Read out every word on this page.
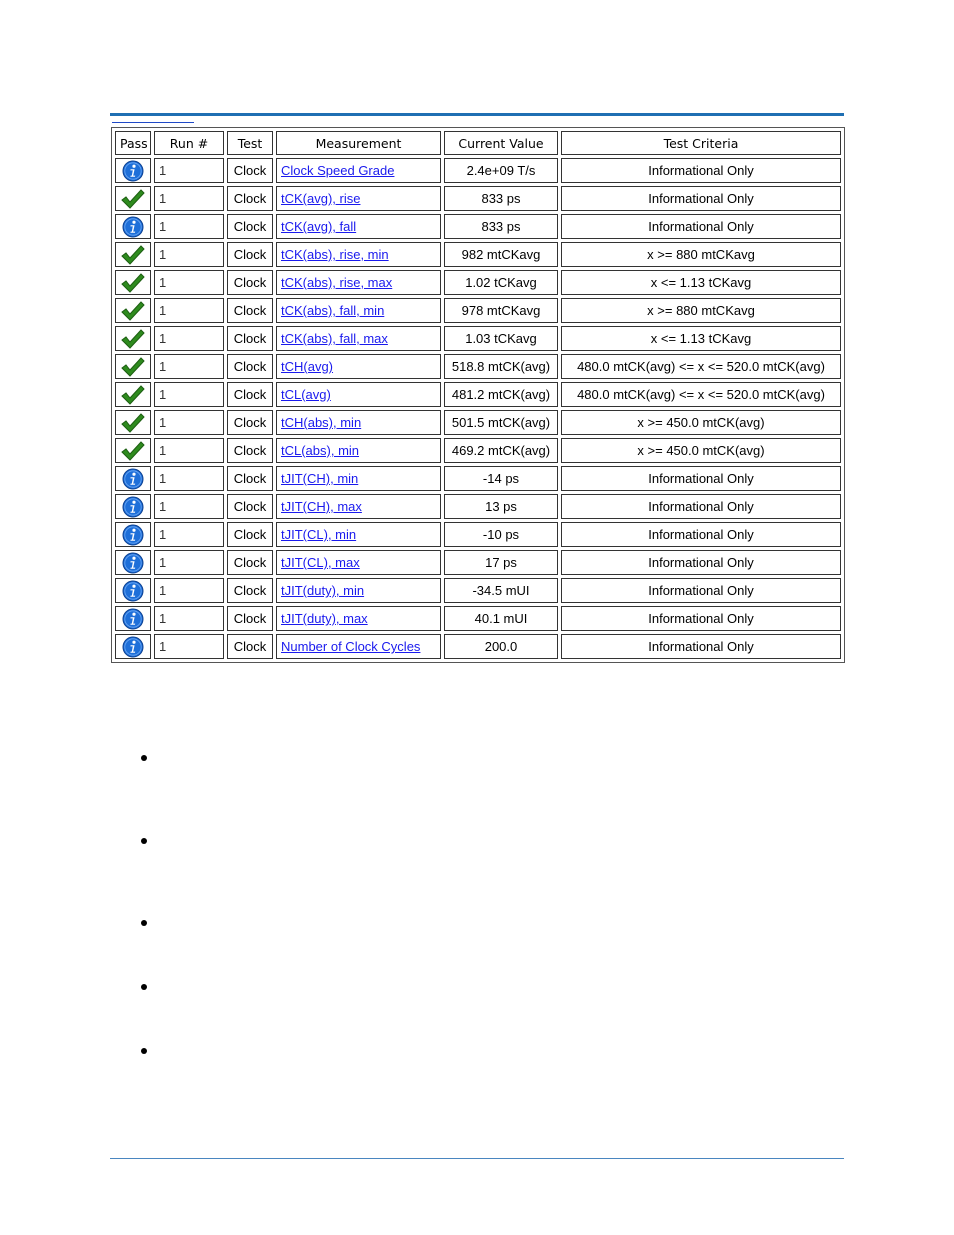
Pass	Run #	Test	Measurement	Current Value	Test Criteria
	1	Clock	Clock Speed Grade	2.4e+09 T/s	Informational Only
	1	Clock	tCK(avg), rise	833 ps	Informational Only
	1	Clock	tCK(avg), fall	833 ps	Informational Only
	1	Clock	tCK(abs), rise, min	982 mtCKavg	x >= 880 mtCKavg
	1	Clock	tCK(abs), rise, max	1.02 tCKavg	x <= 1.13 tCKavg
	1	Clock	tCK(abs), fall, min	978 mtCKavg	x >= 880 mtCKavg
	1	Clock	tCK(abs), fall, max	1.03 tCKavg	x <= 1.13 tCKavg
	1	Clock	tCH(avg)	518.8 mtCK(avg)	480.0 mtCK(avg) <= x <= 520.0 mtCK(avg)
	1	Clock	tCL(avg)	481.2 mtCK(avg)	480.0 mtCK(avg) <= x <= 520.0 mtCK(avg)
	1	Clock	tCH(abs), min	501.5 mtCK(avg)	x >= 450.0 mtCK(avg)
	1	Clock	tCL(abs), min	469.2 mtCK(avg)	x >= 450.0 mtCK(avg)
	1	Clock	tJIT(CH), min	-14 ps	Informational Only
	1	Clock	tJIT(CH), max	13 ps	Informational Only
	1	Clock	tJIT(CL), min	-10 ps	Informational Only
	1	Clock	tJIT(CL), max	17 ps	Informational Only
	1	Clock	tJIT(duty), min	-34.5 mUI	Informational Only
	1	Clock	tJIT(duty), max	40.1 mUI	Informational Only
	1	Clock	Number of Clock Cycles	200.0	Informational Only
